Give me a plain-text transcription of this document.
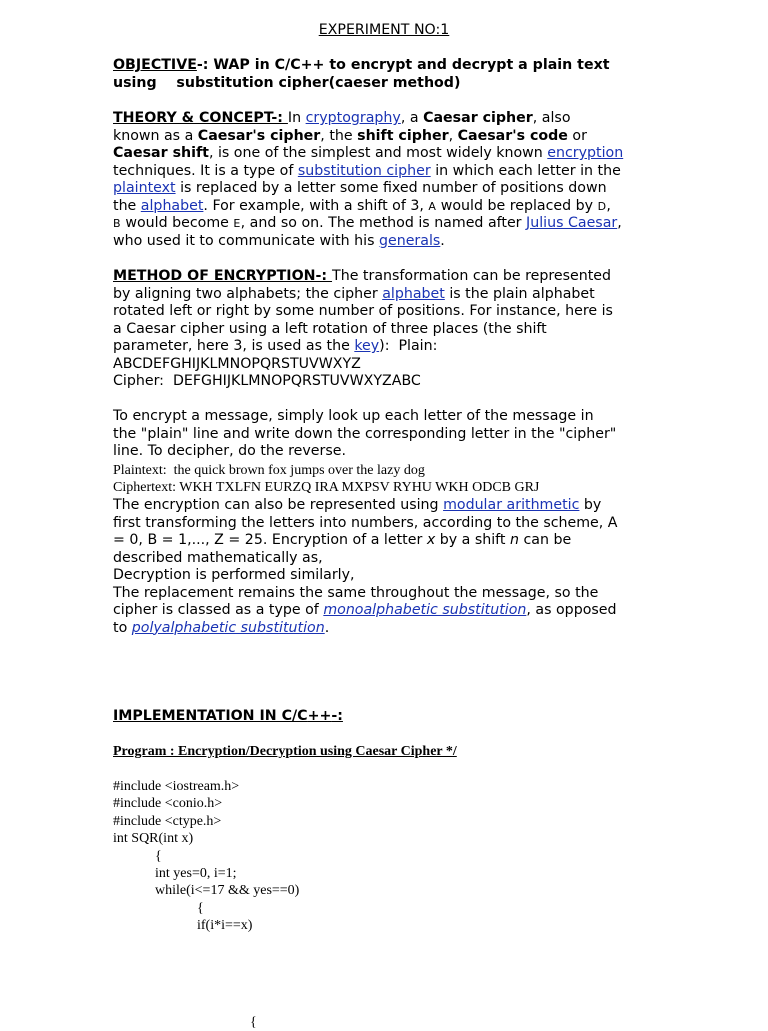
EXPERIMENT NO:1
OBJECTIVE-: WAP in C/C++ to encrypt and decrypt a plain text
using    substitution cipher(caeser method)
THEORY & CONCEPT-: In cryptography, a Caesar cipher, also
known as a Caesar's cipher, the shift cipher, Caesar's code or
Caesar shift, is one of the simplest and most widely known encryption
techniques. It is a type of substitution cipher in which each letter in the
plaintext is replaced by a letter some fixed number of positions down
the alphabet. For example, with a shift of 3, A would be replaced by D,
B would become E, and so on. The method is named after Julius Caesar,
who used it to communicate with his generals.
METHOD OF ENCRYPTION-: The transformation can be represented
by aligning two alphabets; the cipher alphabet is the plain alphabet
rotated left or right by some number of positions. For instance, here is
a Caesar cipher using a left rotation of three places (the shift
parameter, here 3, is used as the key):  Plain:
ABCDEFGHIJKLMNOPQRSTUVWXYZ
Cipher:  DEFGHIJKLMNOPQRSTUVWXYZABC
To encrypt a message, simply look up each letter of the message in
the "plain" line and write down the corresponding letter in the "cipher"
line. To decipher, do the reverse.
Plaintext:  the quick brown fox jumps over the lazy dog
Ciphertext: WKH TXLFN EURZQ IRA MXPSV RYHU WKH ODCB GRJ
The encryption can also be represented using modular arithmetic by
first transforming the letters into numbers, according to the scheme, A
= 0, B = 1,..., Z = 25. Encryption of a letter x by a shift n can be
described mathematically as,
Decryption is performed similarly,
The replacement remains the same throughout the message, so the
cipher is classed as a type of monoalphabetic substitution, as opposed
to polyalphabetic substitution.
IMPLEMENTATION IN C/C++-:
Program : Encryption/Decryption using Caesar Cipher */
#include <iostream.h>
#include <conio.h>
#include <ctype.h>
int SQR(int x)
{
int yes=0, i=1;
while(i<=17 && yes==0)
{
if(i*i==x)
{
